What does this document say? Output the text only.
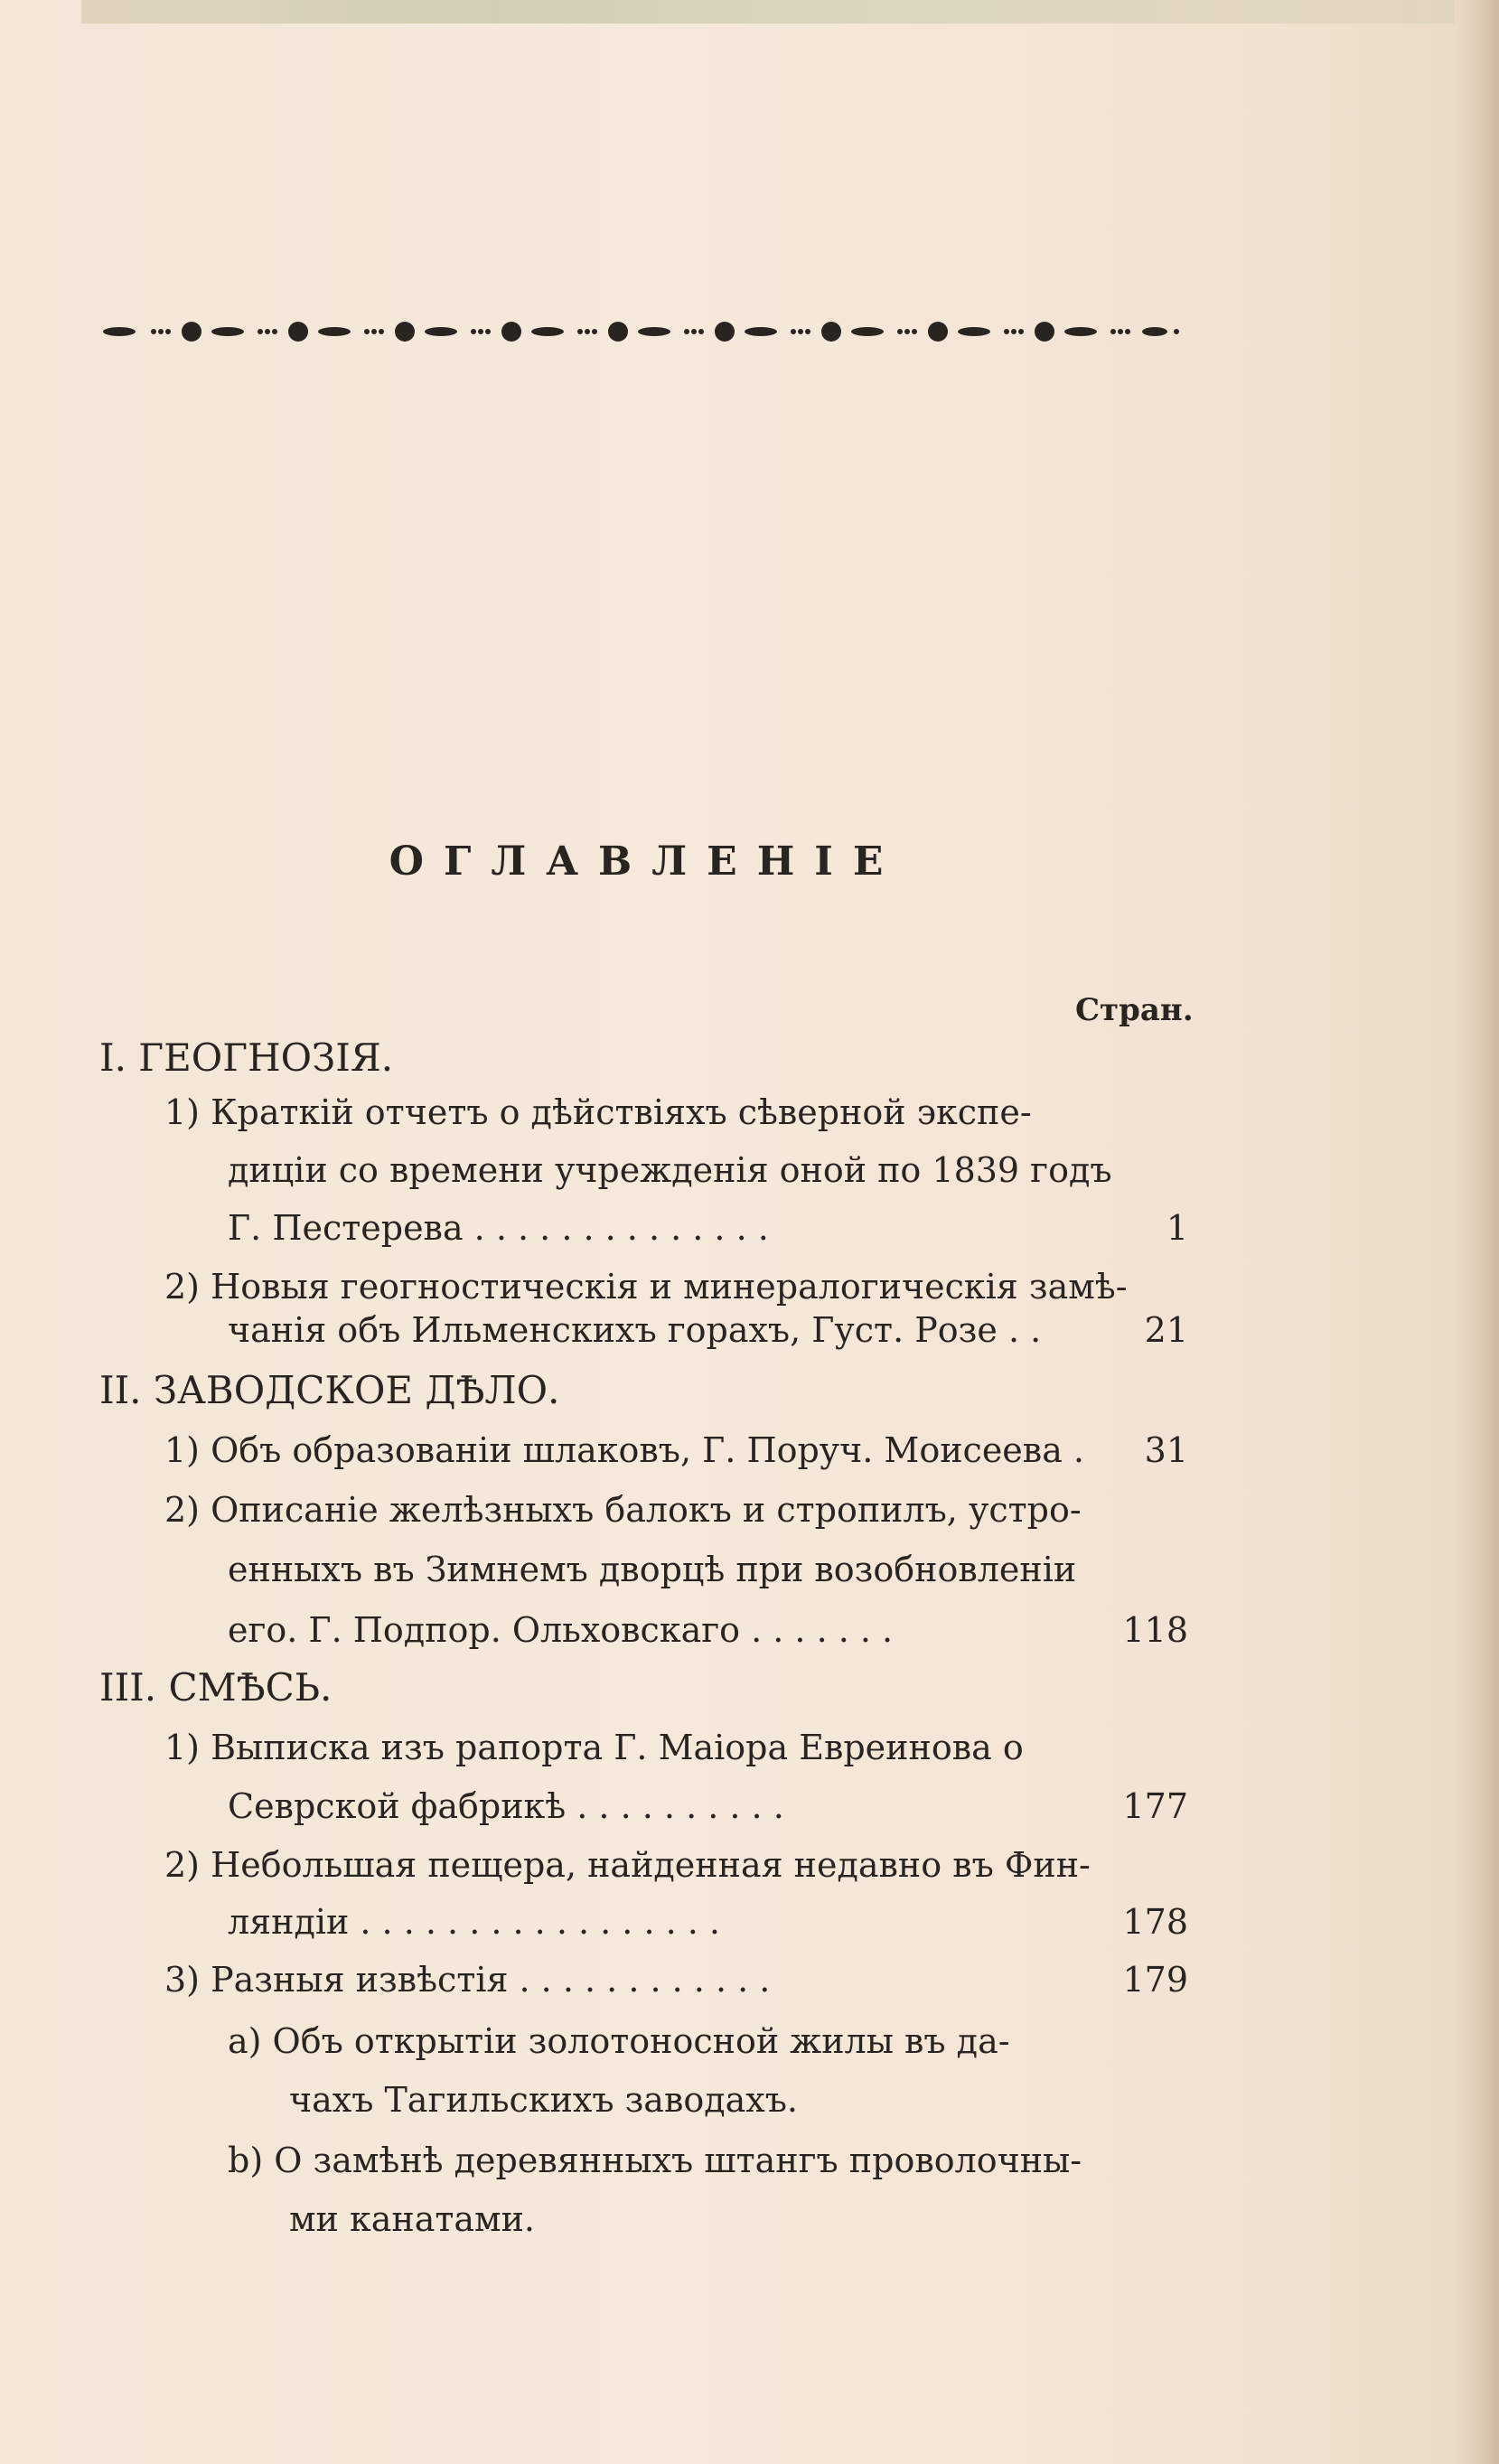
ОГЛАВЛЕНІЕ
Стран.
I. ГЕОГНОЗІЯ.
1) Краткій отчетъ о дѣйствіяхъ сѣверной экспе-
диціи со времени учрежденія оной по 1839 годъ
Г. Пестерева . . . . . . . . . . . . . .	1
2) Новыя геогностическія и минералогическія замѣ-
чанія объ Ильменскихъ горахъ, Густ. Розе . .	21
II. ЗАВОДСКОЕ ДѢЛО.
1) Объ образованіи шлаковъ, Г. Поруч. Моисеева .	31
2) Описаніе желѣзныхъ балокъ и стропилъ, устро-
енныхъ въ Зимнемъ дворцѣ при возобновленіи
его. Г. Подпор. Ольховскаго . . . . . . .	118
III. СМѢСЬ.
1) Выписка изъ рапорта Г. Маіора Евреинова о
Севрской фабрикѣ . . . . . . . . . .	177
2) Небольшая пещера, найденная недавно въ Фин-
ляндіи . . . . . . . . . . . . . . . . .	178
3) Разныя извѣстія . . . . . . . . . . . .	179
a) Объ открытіи золотоносной жилы въ да-
чахъ Тагильскихъ заводахъ.
b) О замѣнѣ деревянныхъ штангъ проволочны-
ми канатами.
